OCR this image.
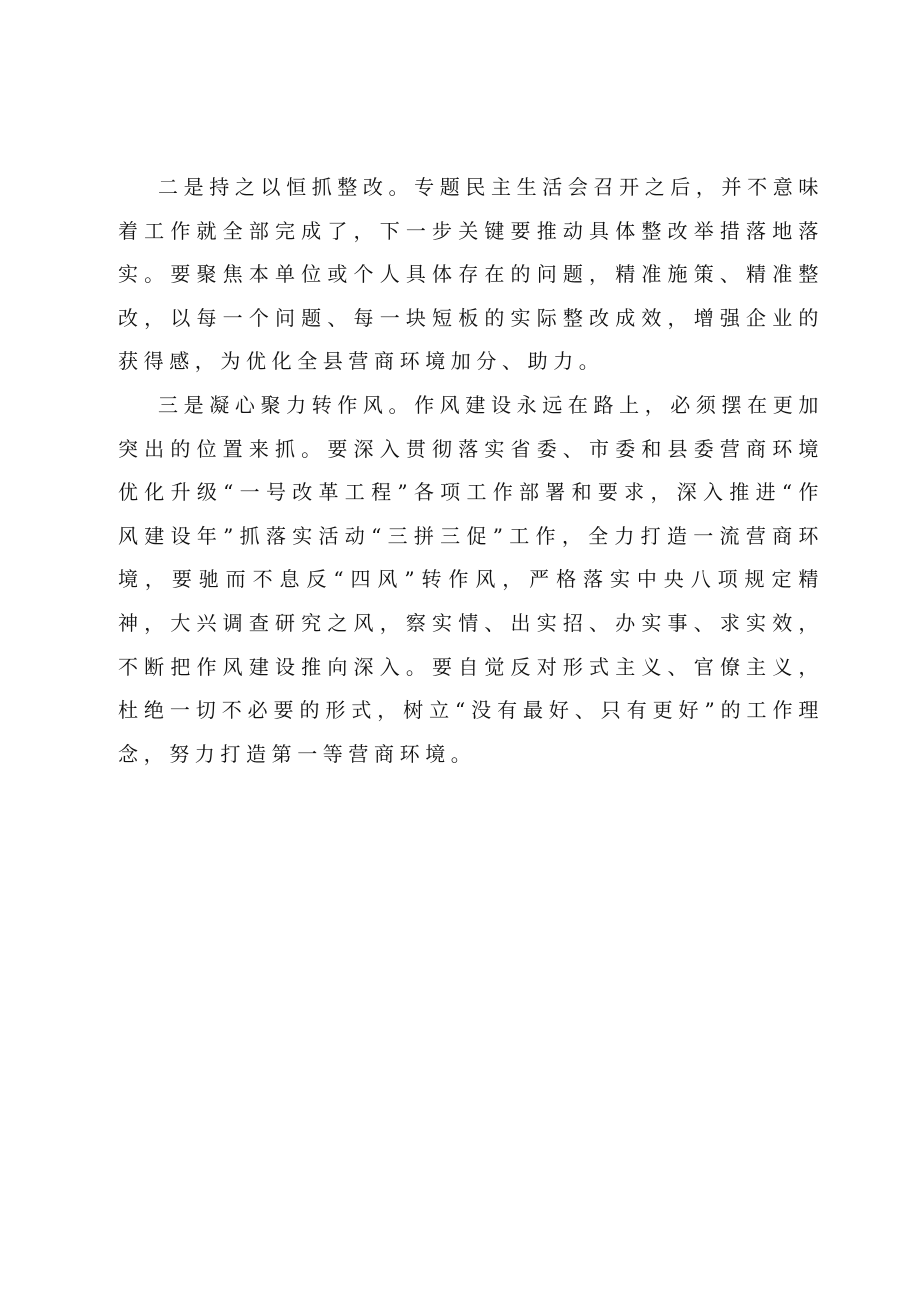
二是持之以恒抓整改。专题民主生活会召开之后，并不意味着工作就全部完成了，下一步关键要推动具体整改举措落地落实。要聚焦本单位或个人具体存在的问题，精准施策、精准整改，以每一个问题、每一块短板的实际整改成效，增强企业的获得感，为优化全县营商环境加分、助力。

三是凝心聚力转作风。作风建设永远在路上，必须摆在更加突出的位置来抓。要深入贯彻落实省委、市委和县委营商环境优化升级“一号改革工程”各项工作部署和要求，深入推进“作风建设年”抓落实活动“三拼三促”工作，全力打造一流营商环境，要驰而不息反“四风”转作风，严格落实中央八项规定精神，大兴调查研究之风，察实情、出实招、办实事、求实效，不断把作风建设推向深入。要自觉反对形式主义、官僚主义，杜绝一切不必要的形式，树立“没有最好、只有更好”的工作理念，努力打造第一等营商环境。
